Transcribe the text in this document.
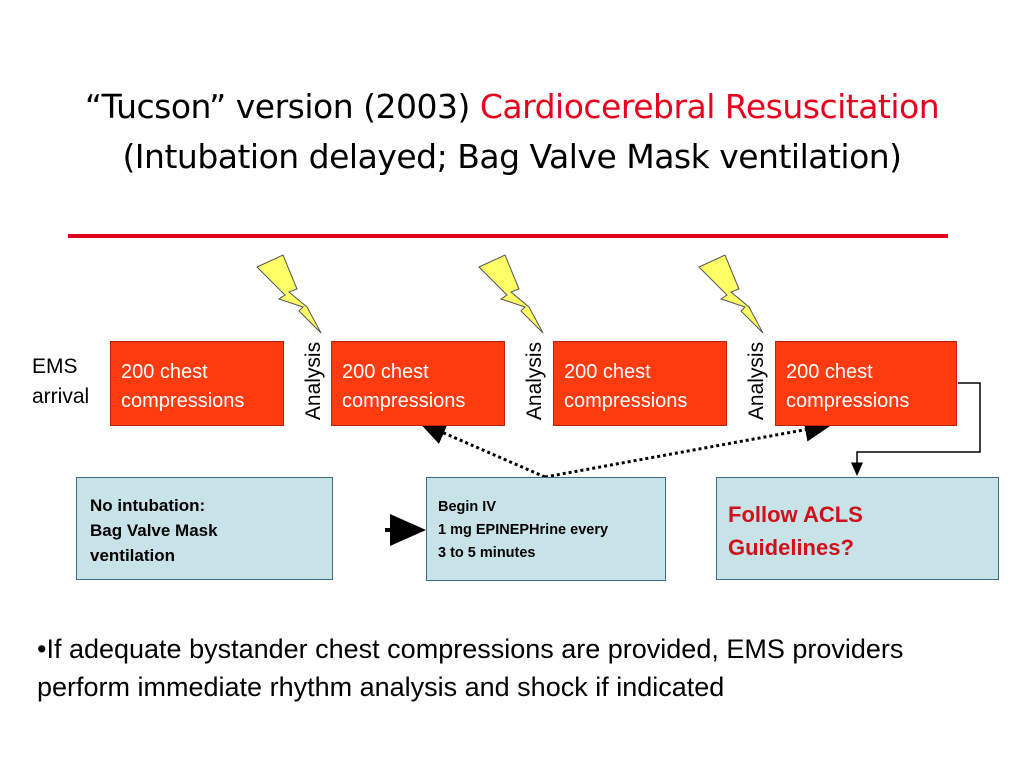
“Tucson” version (2003) Cardiocerebral Resuscitation
(Intubation delayed; Bag Valve Mask ventilation)
EMS arrival
200 chest compressions
200 chest compressions
200 chest compressions
200 chest compressions
Analysis	Analysis	Analysis
No intubation:
Bag Valve Mask
ventilation
Begin IV
1 mg EPINEPHrine every
3 to 5 minutes
Follow ACLS
Guidelines?
•If adequate bystander chest compressions are provided, EMS providers perform immediate rhythm analysis and shock if indicated
